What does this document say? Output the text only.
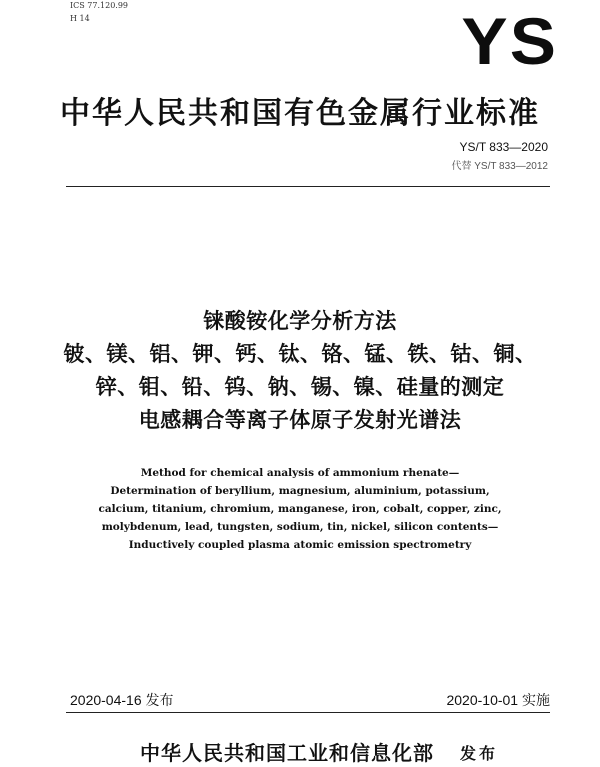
ICS 77.120.99
H 14	YS
中华人民共和国有色金属行业标准
YS/T 833—2020
代替 YS/T 833—2012
铼酸铵化学分析方法
铍、镁、铝、钾、钙、钛、铬、锰、铁、钴、铜、
锌、钼、铅、钨、钠、锡、镍、硅量的测定
电感耦合等离子体原子发射光谱法
Method for chemical analysis of ammonium rhenate—
Determination of beryllium, magnesium, aluminium, potassium,
calcium, titanium, chromium, manganese, iron, cobalt, copper, zinc,
molybdenum, lead, tungsten, sodium, tin, nickel, silicon contents—
Inductively coupled plasma atomic emission spectrometry
2020-04-16 发布	2020-10-01 实施
中华人民共和国工业和信息化部 发布
